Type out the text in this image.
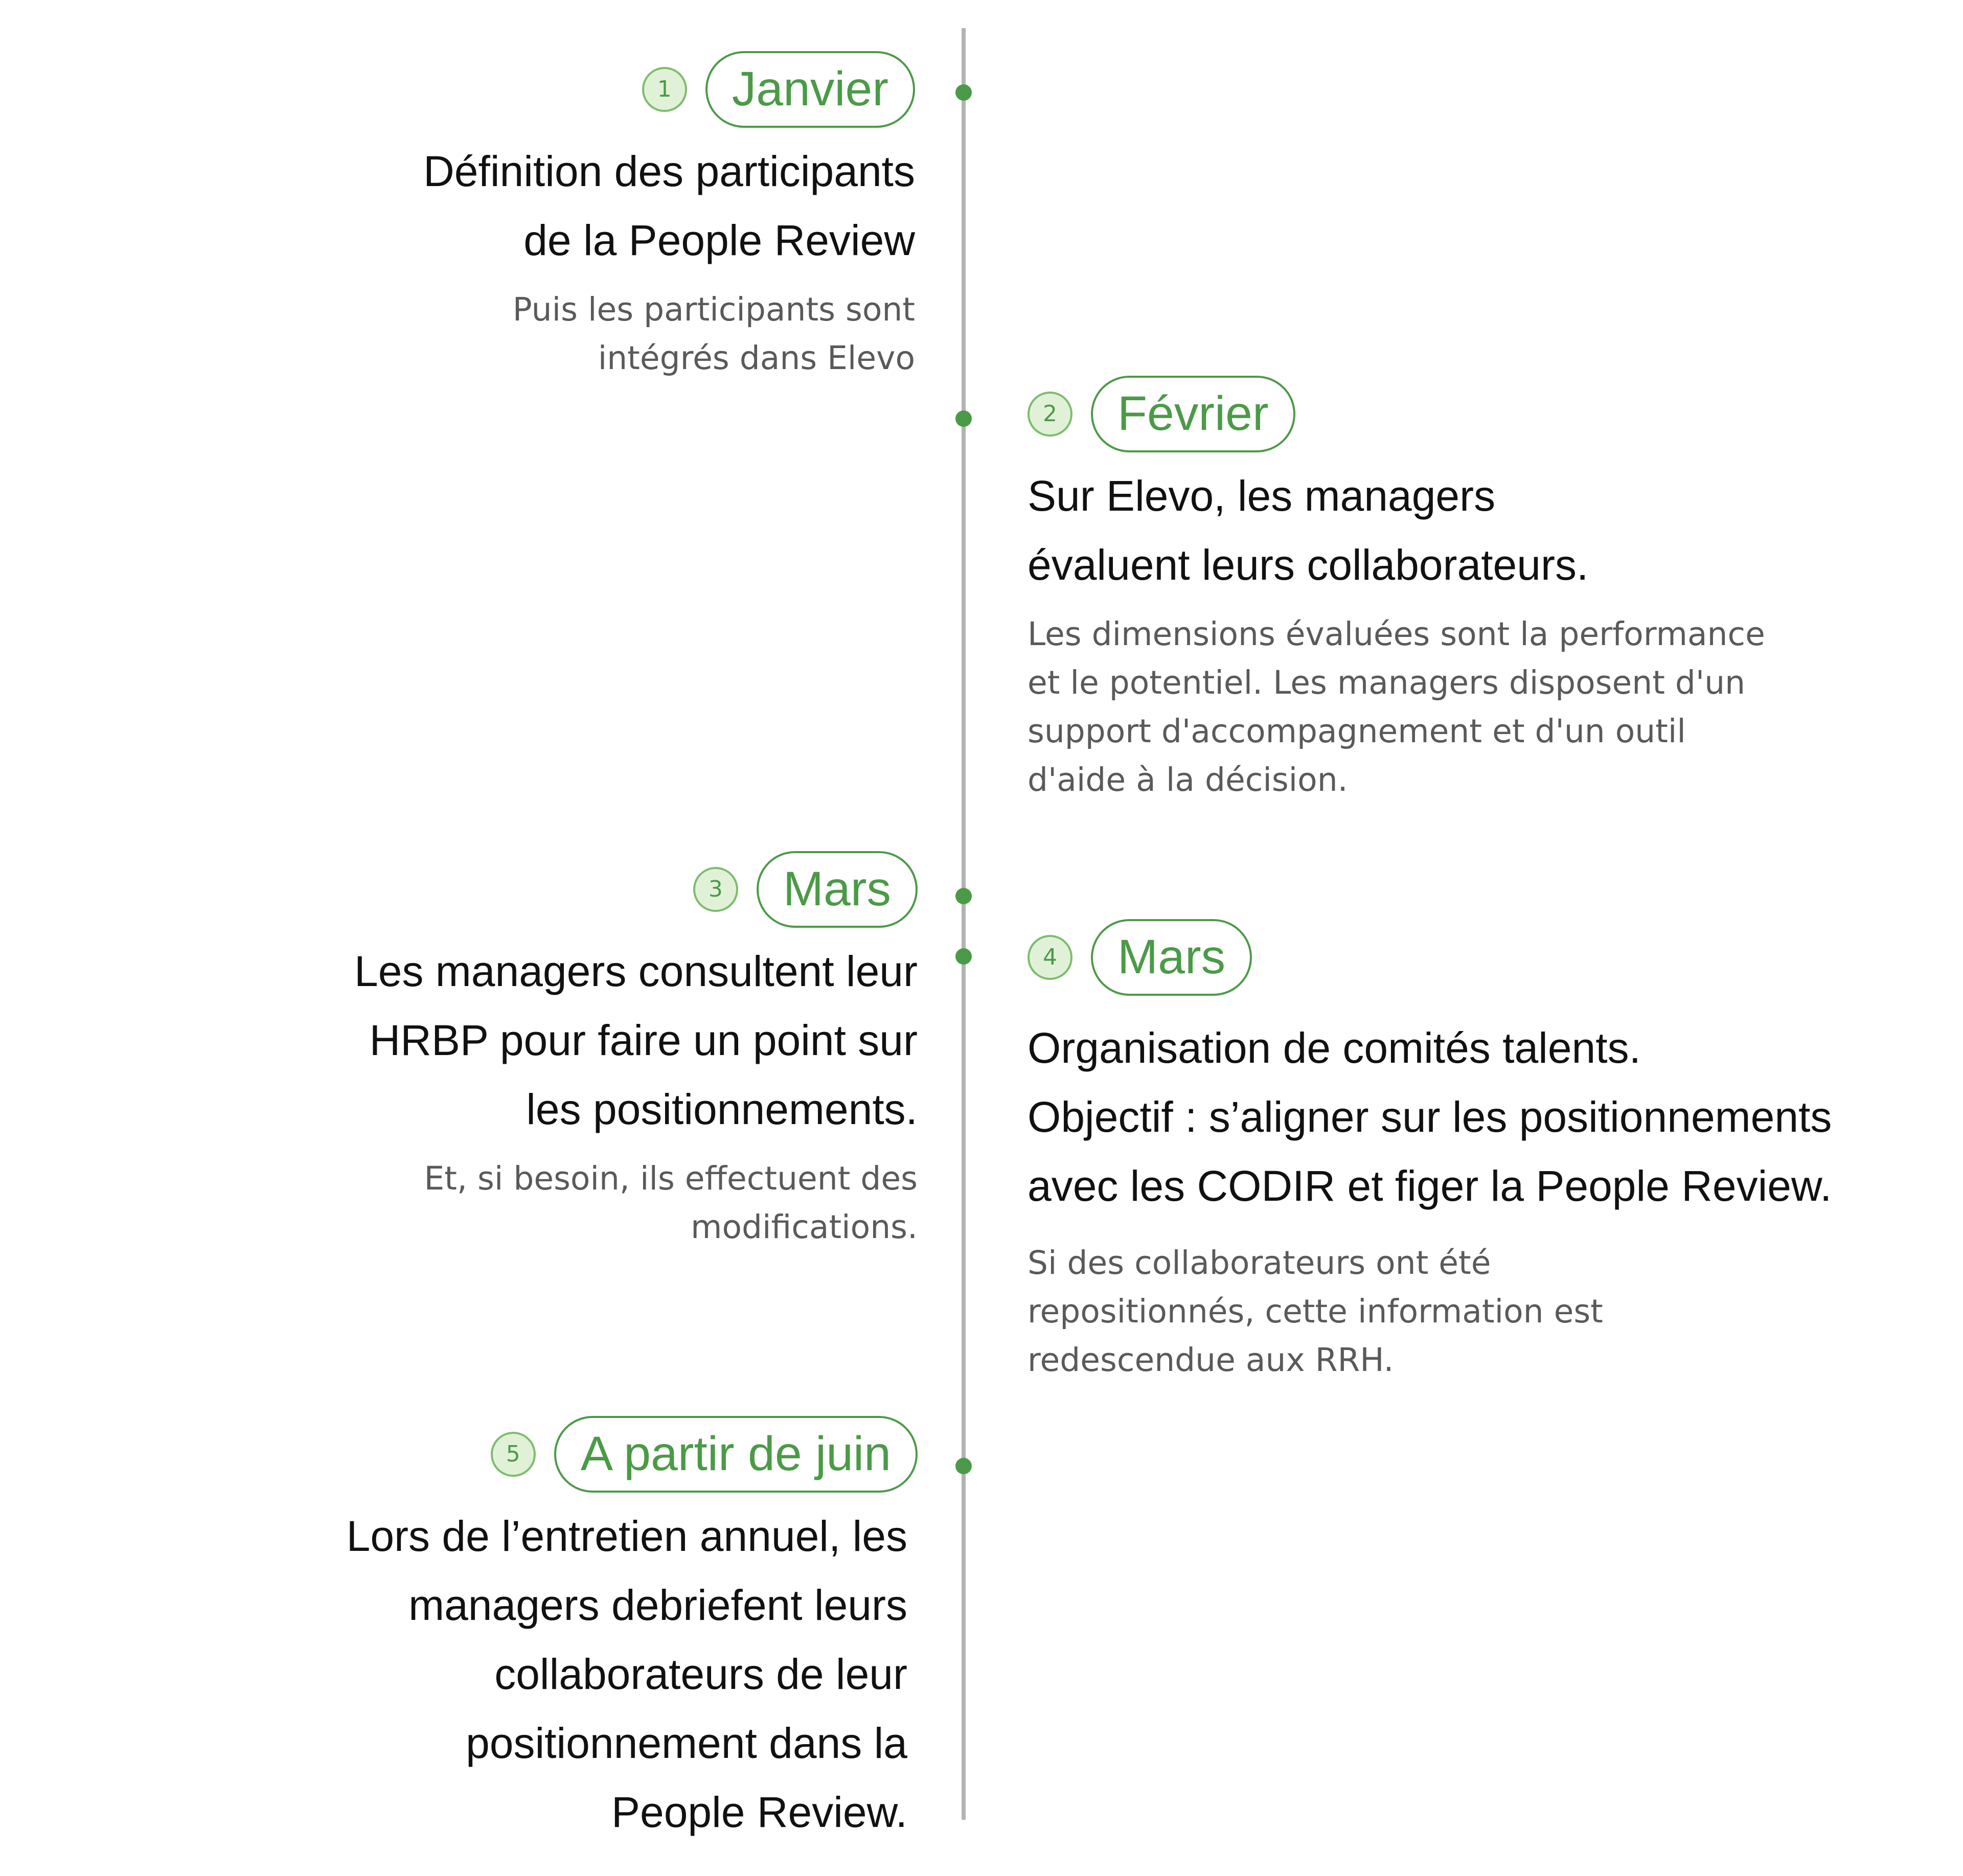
1	Janvier
Définition des participants
de la People Review
Puis les participants sont
intégrés dans Elevo
2	Février
Sur Elevo, les managers
évaluent leurs collaborateurs.
Les dimensions évaluées sont la performance
et le potentiel. Les managers disposent d'un
support d'accompagnement et d'un outil
d'aide à la décision.
3	Mars
Les managers consultent leur
HRBP pour faire un point sur
les positionnements.
Et, si besoin, ils effectuent des
modifications.
4	Mars
Organisation de comités talents.
Objectif : s’aligner sur les positionnements
avec les CODIR et figer la People Review.
Si des collaborateurs ont été
repositionnés, cette information est
redescendue aux RRH.
5	A partir de juin
Lors de l’entretien annuel, les
managers debriefent leurs
collaborateurs de leur
positionnement dans la
People Review.
